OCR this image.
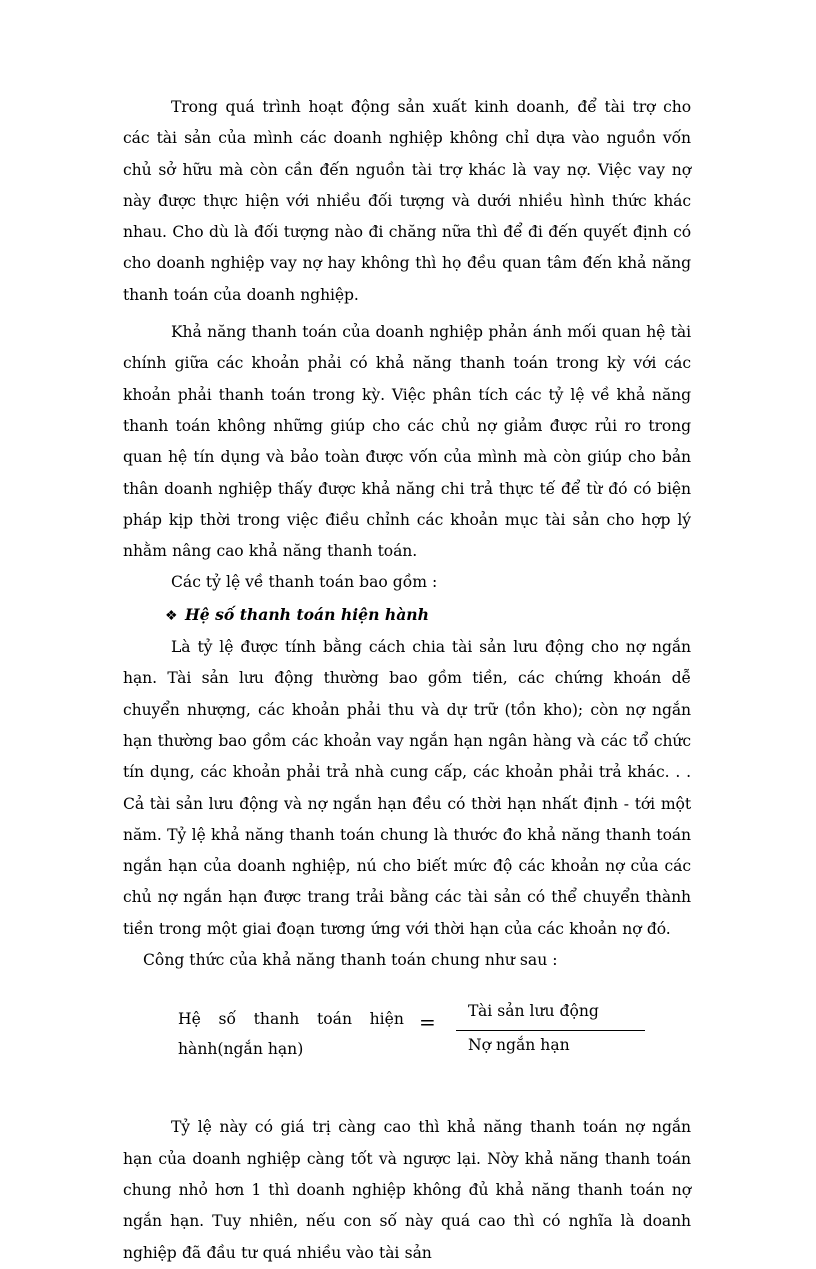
Trong quá trình hoạt động sản xuất kinh doanh, để tài trợ cho các tài sản của mình các doanh nghiệp không chỉ dựa vào nguồn vốn chủ sở hữu mà còn cần đến nguồn tài trợ khác là vay nợ. Việc vay nợ này được thực hiện với nhiều đối tượng và dưới nhiều hình thức khác nhau. Cho dù là đối tượng nào đi chăng nữa thì để đi đến quyết định có cho doanh nghiệp vay nợ hay không thì họ đều quan tâm đến khả năng thanh toán của doanh nghiệp.

Khả năng thanh toán của doanh nghiệp phản ánh mối quan hệ tài chính giữa các khoản phải có khả năng thanh toán trong kỳ với các khoản phải thanh toán trong kỳ. Việc phân tích các tỷ lệ về khả năng thanh toán không những giúp cho các chủ nợ giảm được rủi ro trong quan hệ tín dụng và bảo toàn được vốn của mình mà còn giúp cho bản thân doanh nghiệp thấy được khả năng chi trả thực tế để từ đó có biện pháp kịp thời trong việc điều chỉnh các khoản mục tài sản cho hợp lý nhằm nâng cao khả năng thanh toán.

Các tỷ lệ về thanh toán bao gồm :

❖ Hệ số thanh toán hiện hành

Là tỷ lệ được tính bằng cách chia tài sản lưu động cho nợ ngắn hạn. Tài sản lưu động thường bao gồm tiền, các chứng khoán dễ chuyển nhượng, các khoản phải thu và dự trữ (tồn kho); còn nợ ngắn hạn thường bao gồm các khoản vay ngắn hạn ngân hàng và các tổ chức tín dụng, các khoản phải trả nhà cung cấp, các khoản phải trả khác. . . Cả tài sản lưu động và nợ ngắn hạn đều có thời hạn nhất định - tới một năm. Tỷ lệ khả năng thanh toán chung là thước đo khả năng thanh toán ngắn hạn của doanh nghiệp, nú cho biết mức độ các khoản nợ của các chủ nợ ngắn hạn được trang trải bằng các tài sản có thể chuyển thành tiền trong một giai đoạn tương ứng với thời hạn của các khoản nợ đó.

Công thức của khả năng thanh toán chung như sau :

Hệ số thanh toán hiện
hành(ngắn hạn)
=	Tài sản lưu động
Nợ ngắn hạn

Tỷ lệ này có giá trị càng cao thì khả năng thanh toán nợ ngắn hạn của doanh nghiệp càng tốt và ngược lại. Nờy khả năng thanh toán chung nhỏ hơn 1 thì doanh nghiệp không đủ khả năng thanh toán nợ ngắn hạn. Tuy nhiên, nếu con số này quá cao thì có nghĩa là doanh nghiệp đã đầu tư quá nhiều vào tài sản
